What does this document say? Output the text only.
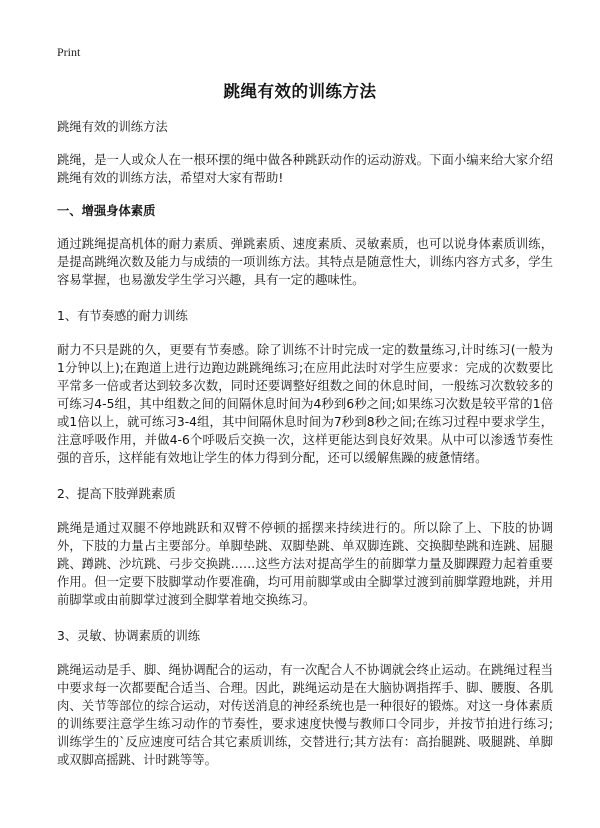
Print
跳绳有效的训练方法

跳绳有效的训练方法

跳绳，是一人或众人在一根环摆的绳中做各种跳跃动作的运动游戏。下面小编来给大家介绍跳绳有效的训练方法，希望对大家有帮助!

一、增强身体素质

通过跳绳提高机体的耐力素质、弹跳素质、速度素质、灵敏素质，也可以说身体素质训练，是提高跳绳次数及能力与成绩的一项训练方法。其特点是随意性大，训练内容方式多，学生容易掌握，也易激发学生学习兴趣，具有一定的趣味性。

1、有节奏感的耐力训练

耐力不只是跳的久，更要有节奏感。除了训练不计时完成一定的数量练习,计时练习(一般为1分钟以上);在跑道上进行边跑边跳跳绳练习;在应用此法时对学生应要求：完成的次数要比平常多一倍或者达到较多次数，同时还要调整好组数之间的休息时间，一般练习次数较多的可练习4-5组，其中组数之间的间隔休息时间为4秒到6秒之间;如果练习次数是较平常的1倍或1倍以上，就可练习3-4组，其中间隔休息时间为7秒到8秒之间;在练习过程中要求学生，注意呼吸作用，并做4-6个呼吸后交换一次，这样更能达到良好效果。从中可以渗透节奏性强的音乐，这样能有效地让学生的体力得到分配，还可以缓解焦躁的疲惫情绪。

2、提高下肢弹跳素质

跳绳是通过双腿不停地跳跃和双臂不停顿的摇摆来持续进行的。所以除了上、下肢的协调外，下肢的力量占主要部分。单脚垫跳、双脚垫跳、单双脚连跳、交换脚垫跳和连跳、屈腿跳、蹲跳、沙坑跳、弓步交换跳……这些方法对提高学生的前脚掌力量及脚踝蹬力起着重要作用。但一定要下肢脚掌动作要准确，均可用前脚掌或由全脚掌过渡到前脚掌蹬地跳，并用前脚掌或由前脚掌过渡到全脚掌着地交换练习。

3、灵敏、协调素质的训练

跳绳运动是手、脚、绳协调配合的运动，有一次配合人不协调就会终止运动。在跳绳过程当中要求每一次都要配合适当、合理。因此，跳绳运动是在大脑协调指挥手、脚、腰腹、各肌肉、关节等部位的综合运动，对传送消息的神经系统也是一种很好的锻炼。对这一身体素质的训练要注意学生练习动作的节奏性，要求速度快慢与教师口令同步，并按节拍进行练习;训练学生的`反应速度可结合其它素质训练，交替进行;其方法有：高抬腿跳、吸腿跳、单脚或双脚高摇跳、计时跳等等。
